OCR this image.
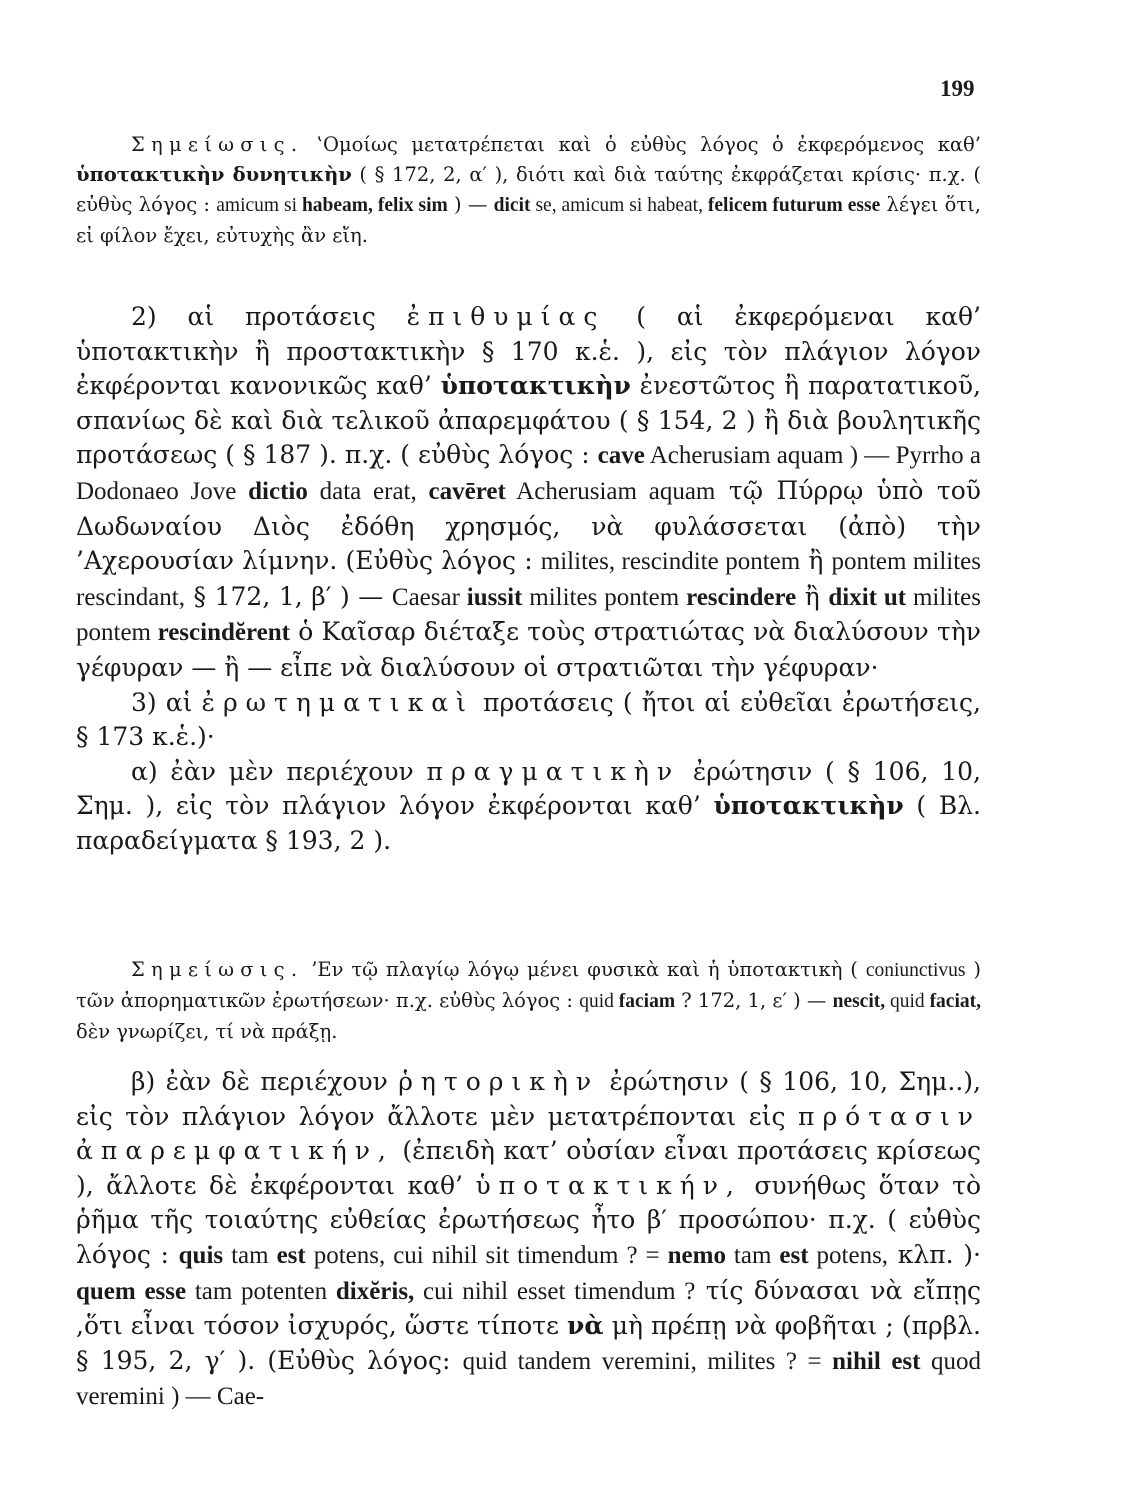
199

Σημείωσις. ‛Ομοίως μετατρέπεται καὶ ὁ εὐθὺς λόγος ὁ ἐκφερόμενος καθ’ ὑποτακτικὴν δυνητικὴν ( § 172, 2, α′ ), διότι καὶ διὰ ταύτης ἐκφράζεται κρίσις· π.χ. ( εὐθὺς λόγος : amicum si habeam, felix sim ) — dicit se, amicum si habeat, felicem futurum esse λέγει ὅτι, εἰ φίλον ἔχει, εὐτυχὴς ἂν εἴη.

2) αἱ προτάσεις ἐπιθυμίας ( αἱ ἐκφερόμεναι καθ’ ὑποτακτικὴν ἢ προστακτικὴν § 170 κ.ἑ. ), εἰς τὸν πλάγιον λόγον ἐκφέρονται κανονικῶς καθ’ ὑποτακτικὴν ἐνεστῶτος ἢ παρατατικοῦ, σπανίως δὲ καὶ διὰ τελικοῦ ἀπαρεμφάτου ( § 154, 2 ) ἢ διὰ βουλητικῆς προτάσεως ( § 187 ). π.χ. ( εὐθὺς λόγος : cave Acherusiam aquam ) — Pyrrho a Dodonaeo Jove dictio data erat, cavēret Acherusiam aquam τῷ Πύρρῳ ὑπὸ τοῦ Δωδωναίου Διὸς ἐδόθη χρησμός, νὰ φυλάσσεται (ἀπὸ) τὴν ’Αχερουσίαν λίμνην. (Εὐθὺς λόγος : milites, rescindite pontem ἢ pontem milites rescindant, § 172, 1, β′ ) — Caesar iussit milites pontem rescindere ἢ dixit ut milites pontem rescindĕrent ὁ Καῖσαρ διέταξε τοὺς στρατιώτας νὰ διαλύσουν τὴν γέφυραν — ἢ — εἶπε νὰ διαλύσουν οἱ στρατιῶται τὴν γέφυραν·

3) αἱ ἐρωτηματικαὶ προτάσεις ( ἤτοι αἱ εὐθεῖαι ἐρωτήσεις, § 173 κ.ἑ.)·

α) ἐὰν μὲν περιέχουν πραγματικὴν ἐρώτησιν ( § 106, 10, Σημ. ), εἰς τὸν πλάγιον λόγον ἐκφέρονται καθ’ ὑποτακτικὴν ( Βλ. παραδείγματα § 193, 2 ).

Σημείωσις. ’Εν τῷ πλαγίῳ λόγῳ μένει φυσικὰ καὶ ἡ ὑποτακτικὴ ( coniunctivus ) τῶν ἀπορηματικῶν ἐρωτήσεων· π.χ. εὐθὺς λόγος : quid faciam ? 172, 1, ε′ ) — nescit, quid faciat, δὲν γνωρίζει, τί νὰ πράξῃ.

β) ἐὰν δὲ περιέχουν ῥητορικὴν ἐρώτησιν ( § 106, 10, Σημ..), εἰς τὸν πλάγιον λόγον ἄλλοτε μὲν μετατρέπονται εἰς πρότασιν ἀπαρεμφατικήν, (ἐπειδὴ κατ’ οὐσίαν εἶναι προτάσεις κρίσεως ), ἄλλοτε δὲ ἐκφέρονται καθ’ ὑποτακτικήν, συνήθως ὅταν τὸ ῥῆμα τῆς τοιαύτης εὐθείας ἐρωτήσεως ἦτο β′ προσώπου· π.χ. ( εὐθὺς λόγος : quis tam est potens, cui nihil sit timendum ? = nemo tam est potens, κλπ. )· quem esse tam potenten dixĕris, cui nihil esset timendum ? τίς δύνασαι νὰ εἴπῃς ,ὅτι εἶναι τόσον ἰσχυρός, ὥστε τίποτε νὰ μὴ πρέπῃ νὰ φοβῆται ; (πρβλ. § 195, 2, γ′ ). (Εὐθὺς λόγος: quid tandem veremini, milites ? = nihil est quod veremini ) — Cae-
